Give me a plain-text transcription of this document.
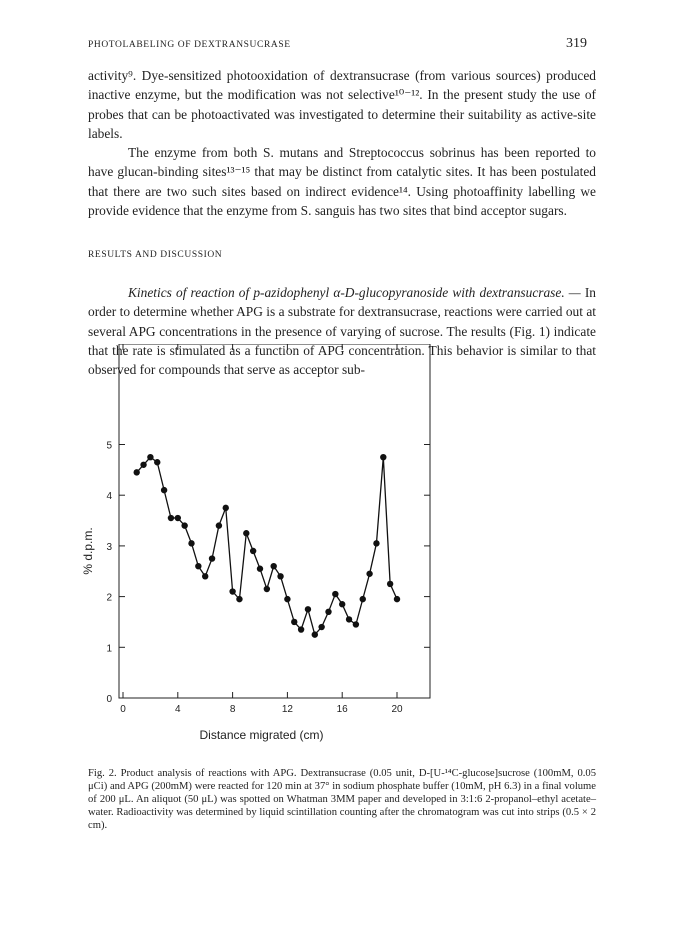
PHOTOLABELING OF DEXTRANSUCRASE	319

activity⁹. Dye-sensitized photooxidation of dextransucrase (from various sources) produced inactive enzyme, but the modification was not selective¹⁰⁻¹². In the present study the use of probes that can be photoactivated was investigated to determine their suitability as active-site labels.

The enzyme from both S. mutans and Streptococcus sobrinus has been reported to have glucan-binding sites¹³⁻¹⁵ that may be distinct from catalytic sites. It has been postulated that there are two such sites based on indirect evidence¹⁴. Using photoaffinity labelling we provide evidence that the enzyme from S. sanguis has two sites that bind acceptor sugars.

RESULTS AND DISCUSSION

Kinetics of reaction of p-azidophenyl α-D-glucopyranoside with dextransucrase. — In order to determine whether APG is a substrate for dextransucrase, reactions were carried out at several APG concentrations in the presence of varying of sucrose. The results (Fig. 1) indicate that the rate is stimulated as a function of APG concentration. This behavior is similar to that observed for compounds that serve as acceptor sub-

0	4	8	12	16	20
0
1
2
3
4
5
Distance migrated (cm)
% d.p.m.

Fig. 2. Product analysis of reactions with APG. Dextransucrase (0.05 unit, D-[U-¹⁴C-glucose]sucrose (100mM, 0.05 μCi) and APG (200mM) were reacted for 120 min at 37° in sodium phosphate buffer (10mM, pH 6.3) in a final volume of 200 μL. An aliquot (50 μL) was spotted on Whatman 3MM paper and developed in 3:1:6 2-propanol–ethyl acetate–water. Radioactivity was determined by liquid scintillation counting after the chromatogram was cut into strips (0.5 × 2 cm).
